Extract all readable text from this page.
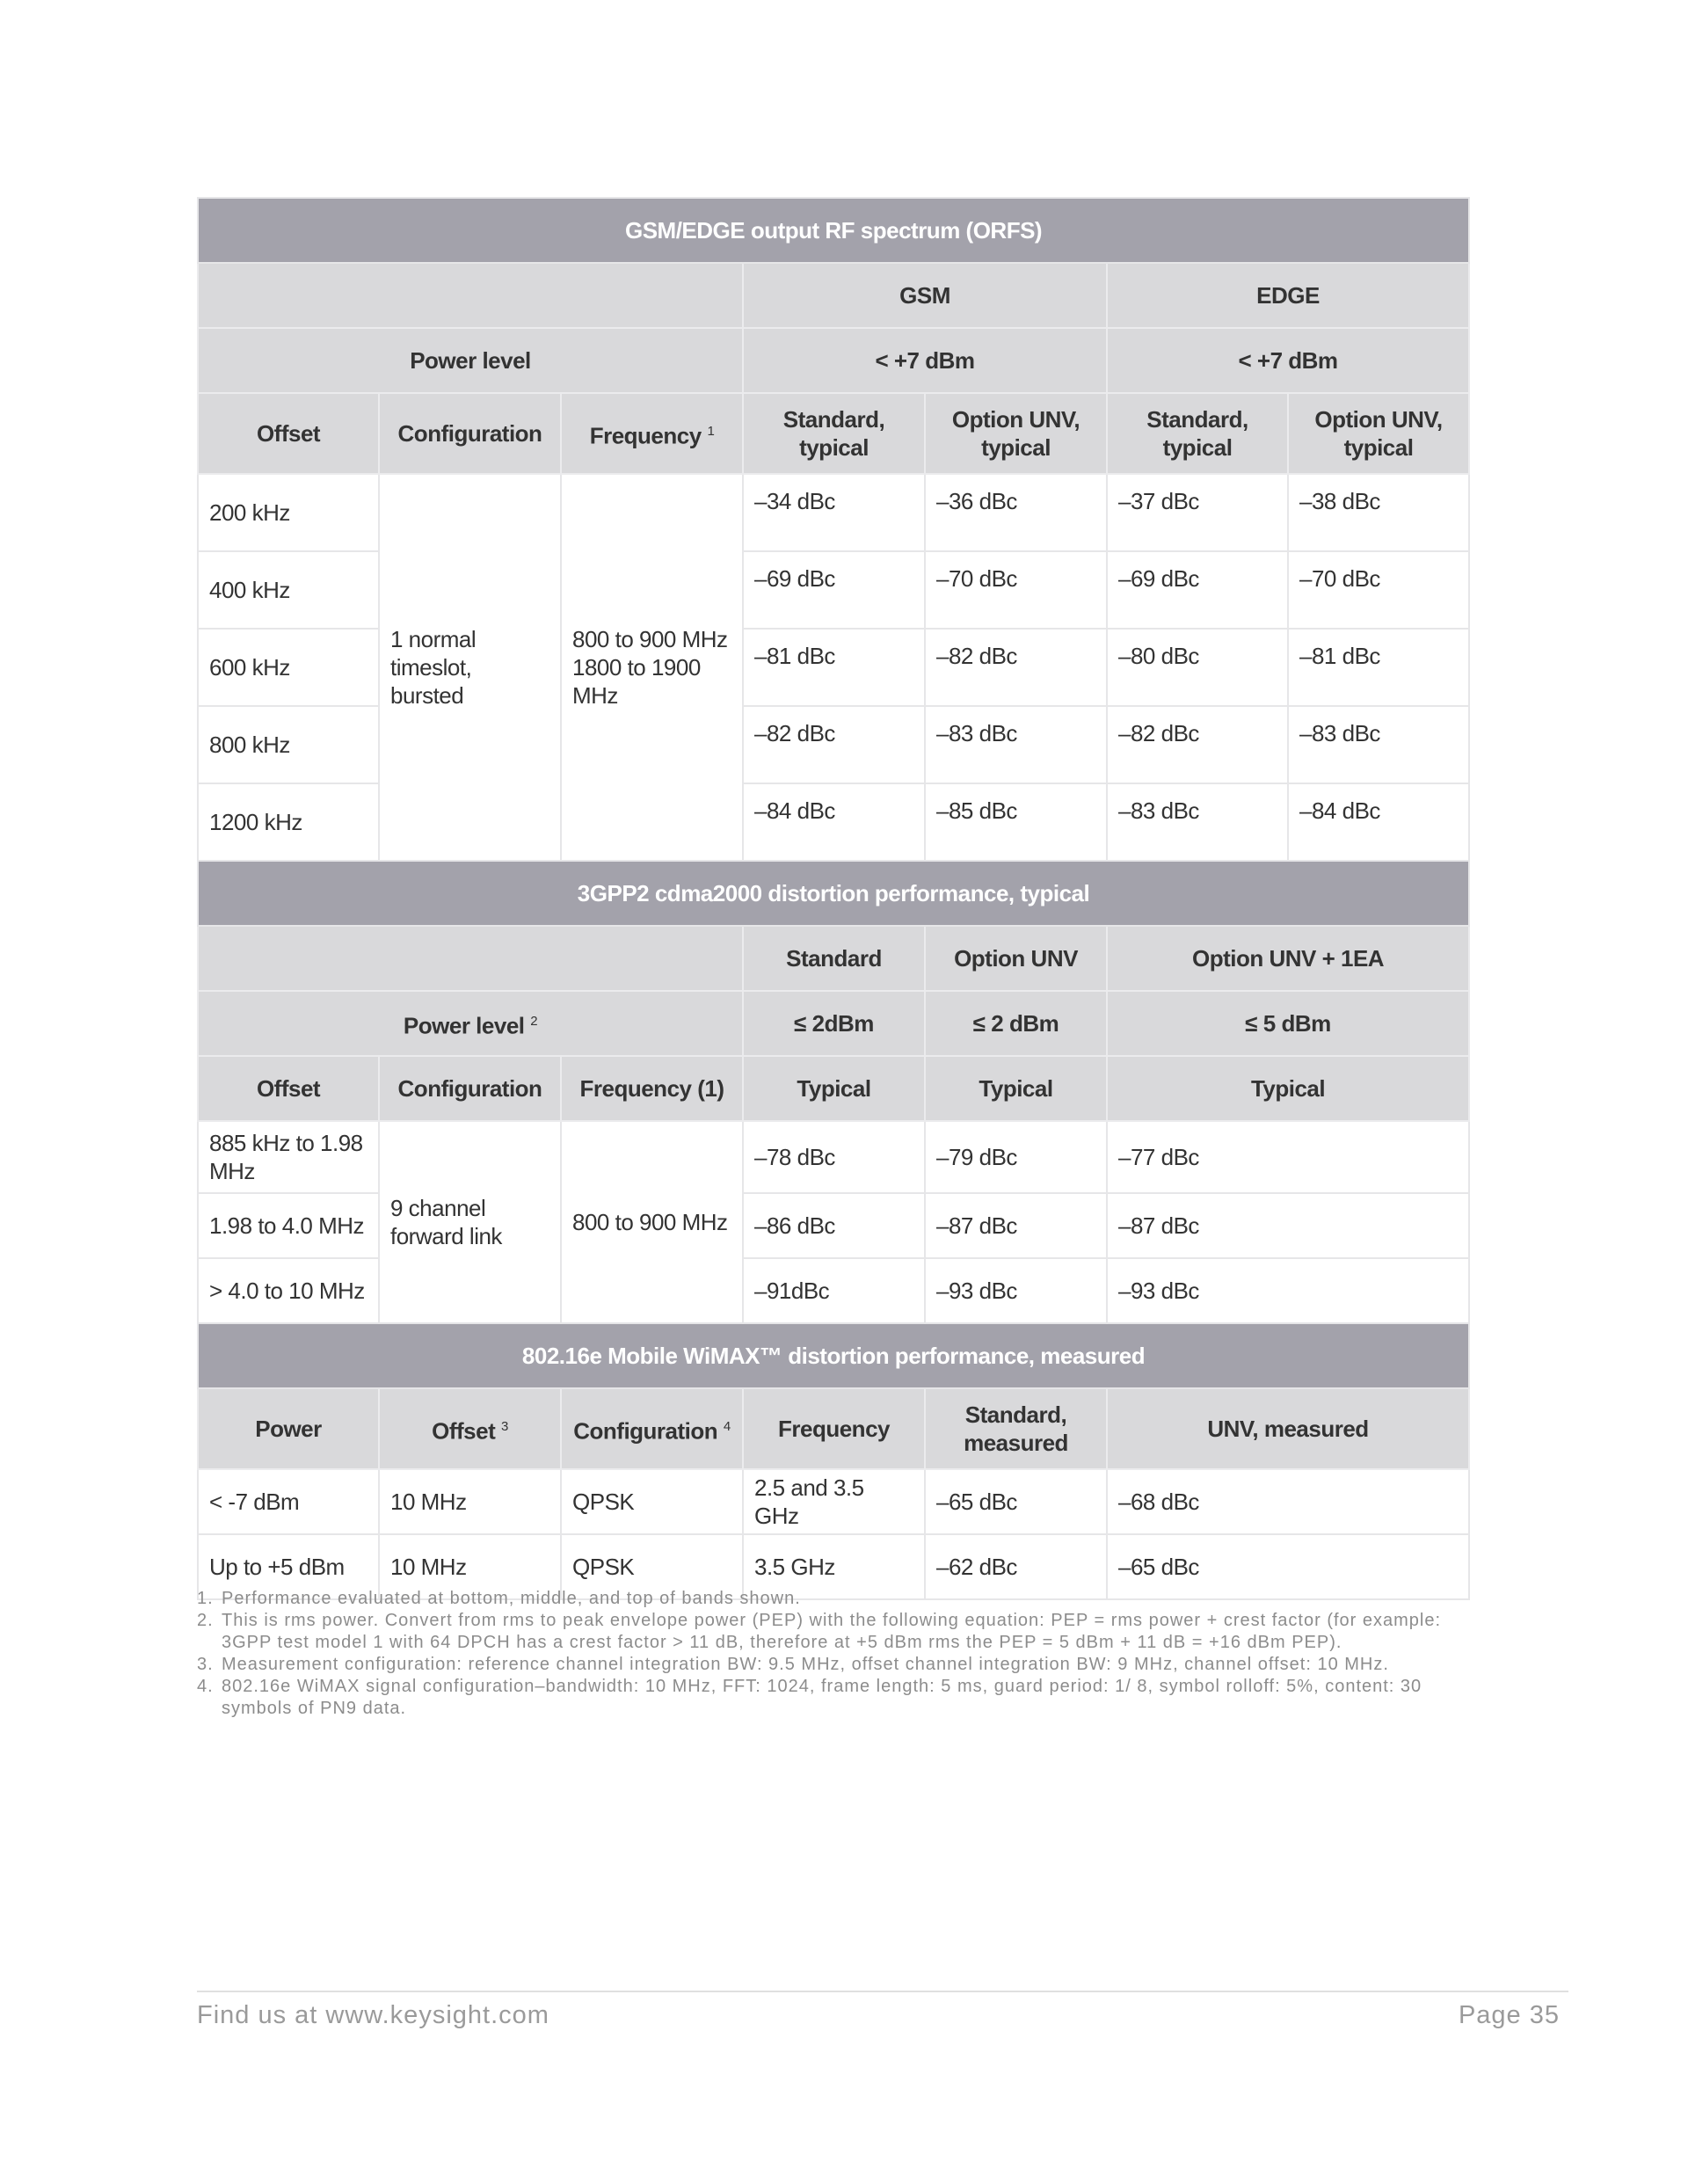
GSM/EDGE output RF spectrum (ORFS)						
			GSM		EDGE	
Power level			< +7 dBm		< +7 dBm	
Offset	Configuration	Frequency $^1$	Standard, typical	Option UNV, typical	Standard, typical	Option UNV, typical
200 kHz	1 normal timeslot, bursted	800 to 900 MHz 1800 to 1900 MHz	–34 dBc	–36 dBc	–37 dBc	–38 dBc
400 kHz			–69 dBc	–70 dBc	–69 dBc	–70 dBc
600 kHz			–81 dBc	–82 dBc	–80 dBc	–81 dBc
800 kHz			–82 dBc	–83 dBc	–82 dBc	–83 dBc
1200 kHz			–84 dBc	–85 dBc	–83 dBc	–84 dBc
3GPP2 cdma2000 distortion performance, typical						
			Standard	Option UNV	Option UNV + 1EA	
Power level $^2$			≤ 2dBm	≤ 2 dBm	≤ 5 dBm	
Offset	Configuration	Frequency (1)	Typical	Typical	Typical	
885 kHz to 1.98 MHz	9 channel forward link	800 to 900 MHz	–78 dBc	–79 dBc	–77 dBc	
1.98 to 4.0 MHz			–86 dBc	–87 dBc	–87 dBc	
> 4.0 to 10 MHz			–91dBc	–93 dBc	–93 dBc	
802.16e Mobile WiMAX™ distortion performance, measured						
Power	Offset $^3$	Configuration $^4$	Frequency	Standard, measured	UNV, measured	
< -7 dBm	10 MHz	QPSK	2.5 and 3.5 GHz	–65 dBc	–68 dBc	
Up to +5 dBm	10 MHz	QPSK	3.5 GHz	–62 dBc	–65 dBc	
1. Performance evaluated at bottom, middle, and top of bands shown.
2. This is rms power. Convert from rms to peak envelope power (PEP) with the following equation: PEP = rms power + crest factor (for example: 3GPP test model 1 with 64 DPCH has a crest factor > 11 dB, therefore at +5 dBm rms the PEP = 5 dBm + 11 dB = +16 dBm PEP).
3. Measurement configuration: reference channel integration BW: 9.5 MHz, offset channel integration BW: 9 MHz, channel offset: 10 MHz.
4. 802.16e WiMAX signal configuration–bandwidth: 10 MHz, FFT: 1024, frame length: 5 ms, guard period: 1/ 8, symbol rolloff: 5%, content: 30 symbols of PN9 data.
Find us at www.keysight.com	Page 35
